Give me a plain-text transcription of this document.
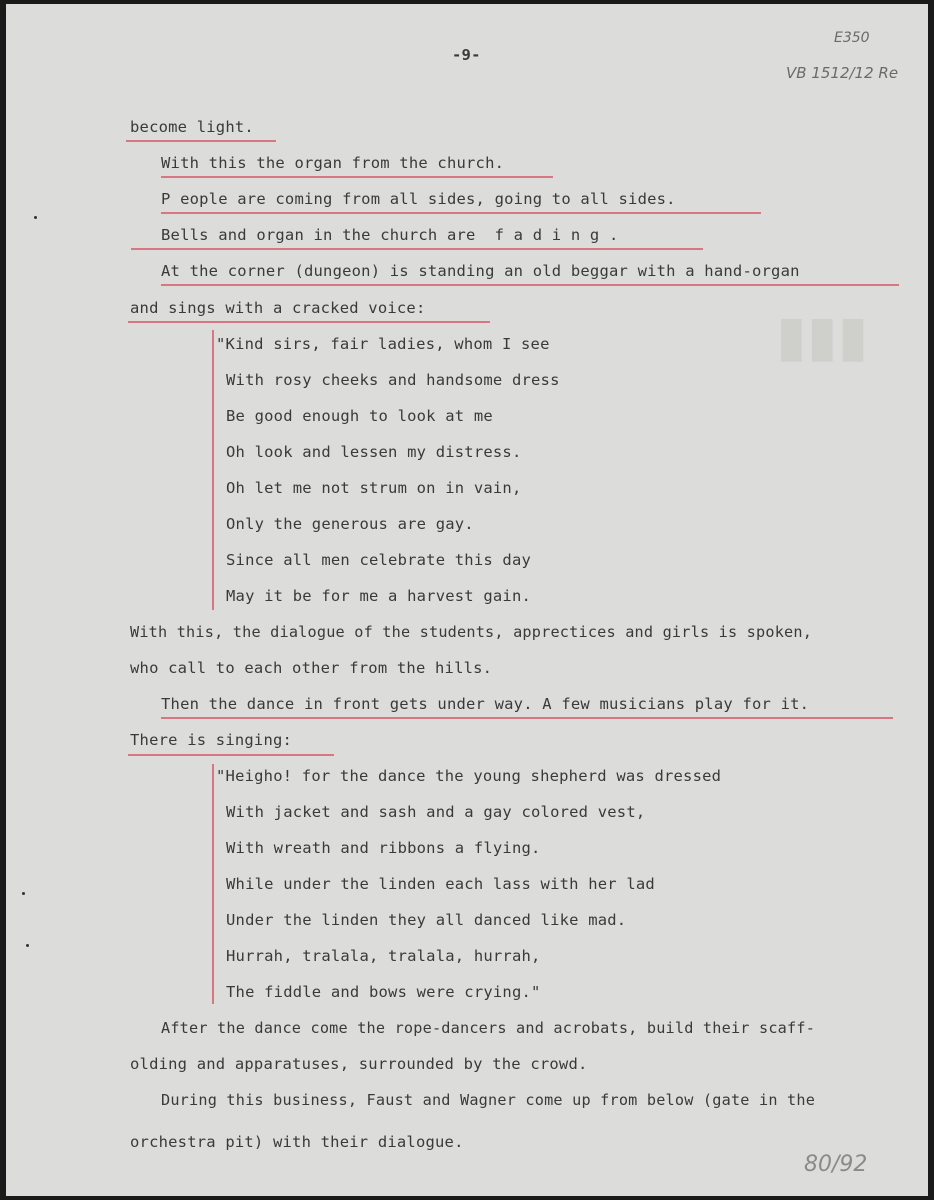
▮▮▮
-9-
E350
VB 1512/12 Re
80/92
become light.
With this the organ from the church.
P eople are coming from all sides, going to all sides.
Bells and organ in the church are  f a d i n g .
At the corner (dungeon) is standing an old beggar with a hand-organ
and sings with a cracked voice:
"Kind sirs, fair ladies, whom I see
With rosy cheeks and handsome dress
Be good enough to look at me
Oh look and lessen my distress.
Oh let me not strum on in vain,
Only the generous are gay.
Since all men celebrate this day
May it be for me a harvest gain.
With this, the dialogue of the students, apprectices and girls is spoken,
who call to each other from the hills.
Then the dance in front gets under way. A few musicians play for it.
There is singing:
"Heigho! for the dance the young shepherd was dressed
With jacket and sash and a gay colored vest,
With wreath and ribbons a flying.
While under the linden each lass with her lad
Under the linden they all danced like mad.
Hurrah, tralala, tralala, hurrah,
The fiddle and bows were crying."
After the dance come the rope-dancers and acrobats, build their scaff-
olding and apparatuses, surrounded by the crowd.
During this business, Faust and Wagner come up from below (gate in the
orchestra pit) with their dialogue.
